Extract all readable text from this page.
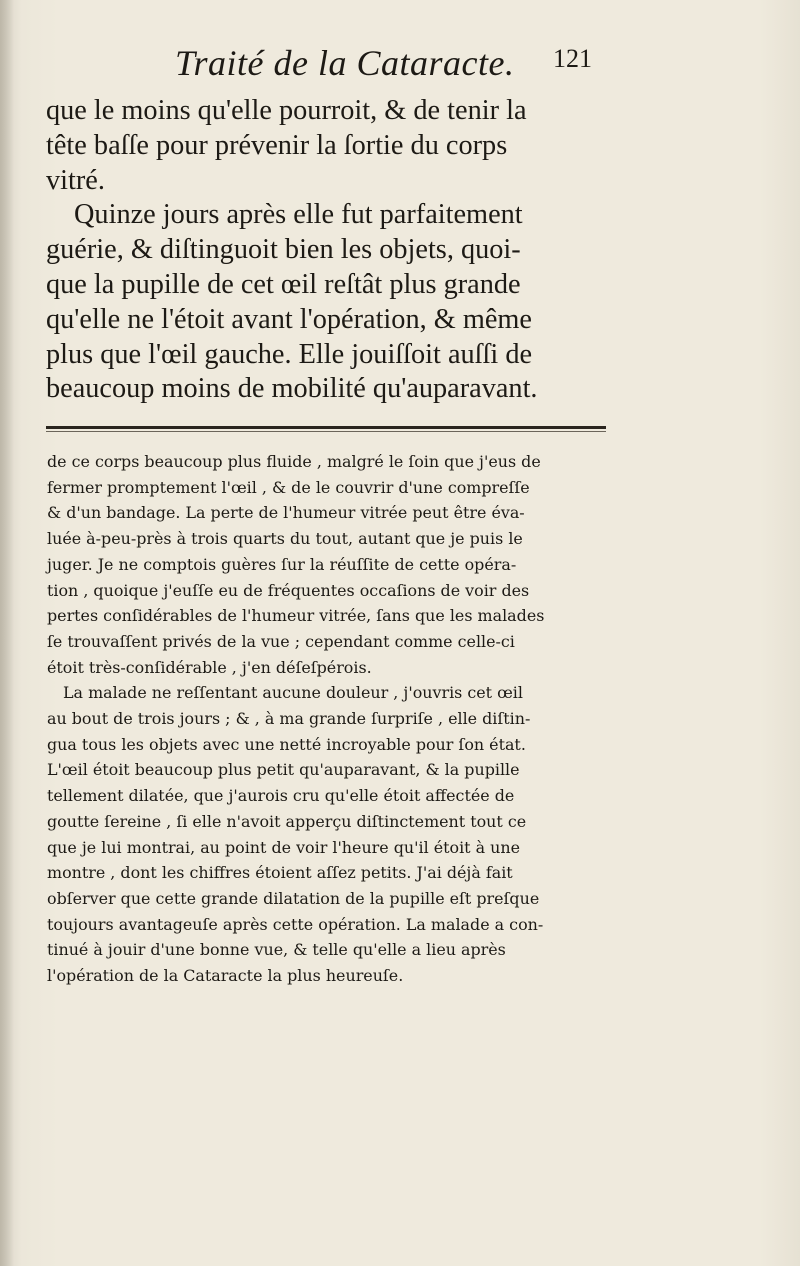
Traité de la Cataracte. 121
que le moins qu'elle pourroit, & de tenir la
tête baſſe pour prévenir la ſortie du corps
vitré.
Quinze jours après elle fut parfaitement
guérie, & diſtinguoit bien les objets, quoi-
que la pupille de cet œil reſtât plus grande
qu'elle ne l'étoit avant l'opération, & même
plus que l'œil gauche. Elle jouiſſoit auſſi de
beaucoup moins de mobilité qu'auparavant.
de ce corps beaucoup plus fluide , malgré le ſoin que j'eus de
fermer promptement l'œil , & de le couvrir d'une compreſſe
& d'un bandage. La perte de l'humeur vitrée peut être éva-
luée à-peu-près à trois quarts du tout, autant que je puis le
juger. Je ne comptois guères ſur la réuſſite de cette opéra-
tion , quoique j'euſſe eu de fréquentes occaſions de voir des
pertes conſidérables de l'humeur vitrée, ſans que les malades
ſe trouvaſſent privés de la vue ; cependant comme celle-ci
étoit très-conſidérable , j'en déſeſpérois.
La malade ne reſſentant aucune douleur , j'ouvris cet œil
au bout de trois jours ; & , à ma grande ſurpriſe , elle diſtin-
gua tous les objets avec une netté incroyable pour ſon état.
L'œil étoit beaucoup plus petit qu'auparavant, & la pupille
tellement dilatée, que j'aurois cru qu'elle étoit affectée de
goutte ſereine , ſi elle n'avoit apperçu diſtinctement tout ce
que je lui montrai, au point de voir l'heure qu'il étoit à une
montre , dont les chiffres étoient aſſez petits. J'ai déjà fait
obſerver que cette grande dilatation de la pupille eſt preſque
toujours avantageuſe après cette opération. La malade a con-
tinué à jouir d'une bonne vue, & telle qu'elle a lieu après
l'opération de la Cataracte la plus heureuſe.
